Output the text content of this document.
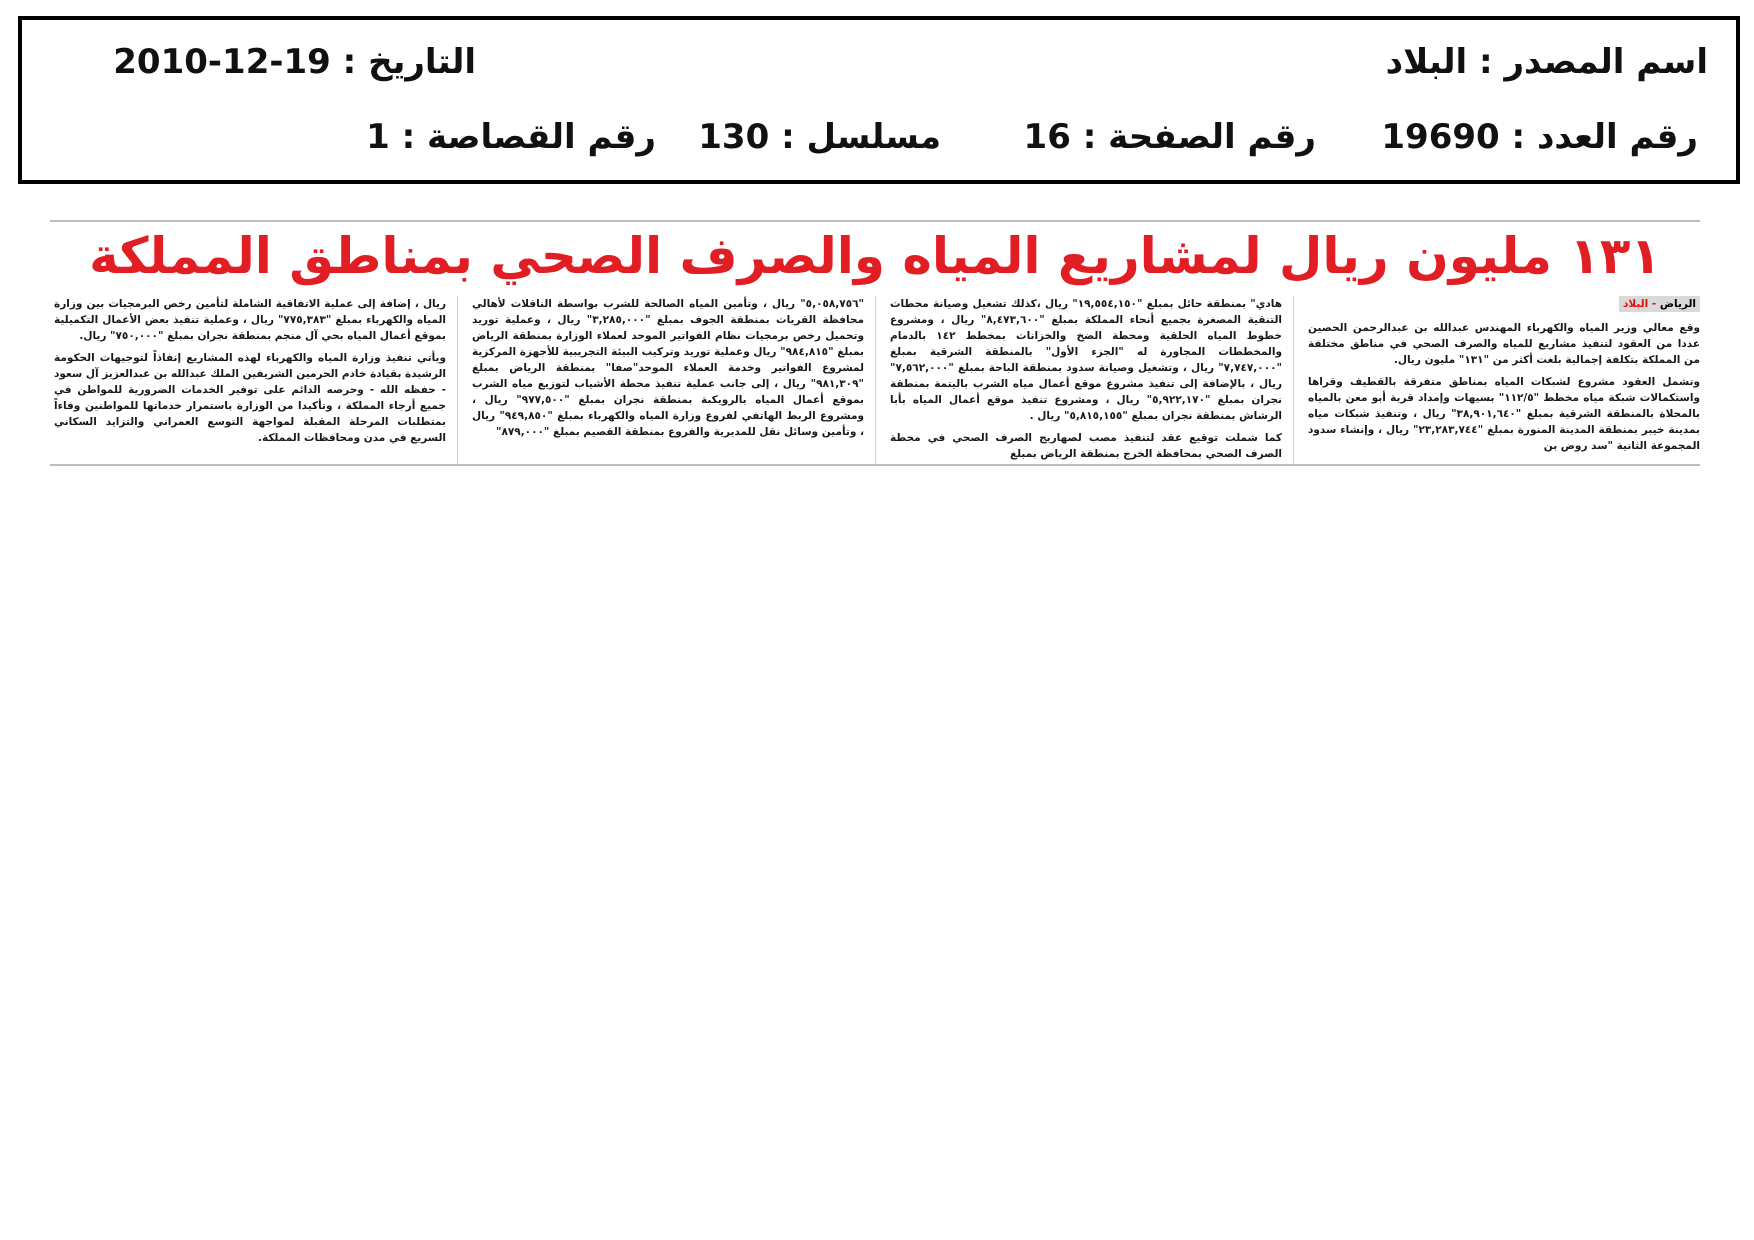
اسم المصدر : البلاد
التاريخ : 19-12-2010
رقم العدد : 19690
رقم الصفحة : 16
مسلسل : 130
رقم القصاصة : 1
١٣١ مليون ريال لمشاريع المياه والصرف الصحي بمناطق المملكة

الرياض - البلاد

وقع معالي وزير المياه والكهرباء المهندس عبدالله بن عبدالرحمن الحصين عددا من العقود لتنفيذ مشاريع للمياه والصرف الصحي في مناطق مختلفة من المملكة بتكلفة إجمالية بلغت أكثر من "١٣١" مليون ريال.

وتشمل العقود مشروع لشبكات المياه بمناطق متفرقة بالقطيف وقراها واستكمالات شبكة مياه مخطط "١١٢/٥" بسيهات وإمداد قرية أبو معن بالمياه بالمحلاة بالمنطقة الشرقية بمبلغ "٣٨,٩٠١,٦٤٠" ريال ، وتنفيذ شبكات مياه بمدينة خيبر بمنطقة المدينة المنورة بمبلغ "٢٣,٢٨٣,٧٤٤" ريال ، وإنشاء سدود المجموعة الثانية "سد روض بن

هادي" بمنطقة حائل بمبلغ "١٩,٥٥٤,١٥٠" ريال ،كذلك تشغيل وصيانة محطات التنقية المصغرة بجميع أنحاء المملكة بمبلغ "٨,٤٧٣,٦٠٠" ريال ، ومشروع خطوط المياه الحلقية ومحطة الضخ والخزانات بمخطط ١٤٢ بالدمام والمخططات المجاورة له "الجزء الأول" بالمنطقة الشرقية بمبلغ "٧,٧٤٧,٠٠٠" ريال ، وتشغيل وصيانة سدود بمنطقة الباحة بمبلغ "٧,٥٦٢,٠٠٠" ريال ، بالإضافة إلى تنفيذ مشروع موقع أعمال مياه الشرب باليتمة بمنطقة نجران بمبلغ "٥,٩٢٢,١٧٠" ريال ، ومشروع تنفيذ موقع أعمال المياه بأبا الرشاش بمنطقة نجران بمبلغ "٥,٨١٥,١٥٥" ريال .

كما شملت توقيع عقد لتنفيذ مصب لصهاريج الصرف الصحي في محطة الصرف الصحي بمحافظة الخرج بمنطقة الرياض بمبلغ

"٥,٠٥٨,٧٥٦" ريال ، وتأمين المياه الصالحة للشرب بواسطة الناقلات لأهالي محافظة القريات بمنطقة الجوف بمبلغ "٣,٢٨٥,٠٠٠" ريال ، وعملية توريد وتحميل رخص برمجيات نظام الفواتير الموحد لعملاء الوزارة بمنطقة الرياض بمبلغ "٩٨٤,٨١٥" ريال وعملية توريد وتركيب البيئة التجريبية للأجهزة المركزية لمشروع الفواتير وخدمة العملاء الموحد"صفا" بمنطقة الرياض بمبلغ "٩٨١,٣٠٩" ريال ، إلى جانب عملية تنفيذ محطة الأشياب لتوزيع مياه الشرب بموقع أعمال المياه بالرويكبة بمنطقة نجران بمبلغ "٩٧٧,٥٠٠" ريال ، ومشروع الربط الهاتفي لفروع وزارة المياه والكهرباء بمبلغ "٩٤٩,٨٥٠" ريال ، وتأمين وسائل نقل للمديرية والفروع بمنطقة القصيم بمبلغ "٨٧٩,٠٠٠"

ريال ، إضافة إلى عملية الاتفاقية الشاملة لتأمين رخص البرمجيات بين وزارة المياه والكهرباء بمبلغ "٧٧٥,٣٨٣" ريال ، وعملية تنفيذ بعض الأعمال التكميلية بموقع أعمال المياه بحي آل منجم بمنطقة نجران بمبلغ "٧٥٠,٠٠٠" ريال.

ويأتي تنفيذ وزارة المياه والكهرباء لهذه المشاريع إنفاذاً لتوجيهات الحكومة الرشيدة بقيادة خادم الحرمين الشريفين الملك عبدالله بن عبدالعزيز آل سعود - حفظه الله - وحرصه الدائم على توفير الخدمات الضرورية للمواطن في جميع أرجاء المملكة ، وتأكيدا من الوزارة باستمرار خدماتها للمواطنين وفاءاً بمتطلبات المرحلة المقبلة لمواجهة التوسع العمراني والتزايد السكاني السريع في مدن ومحافظات المملكة.
